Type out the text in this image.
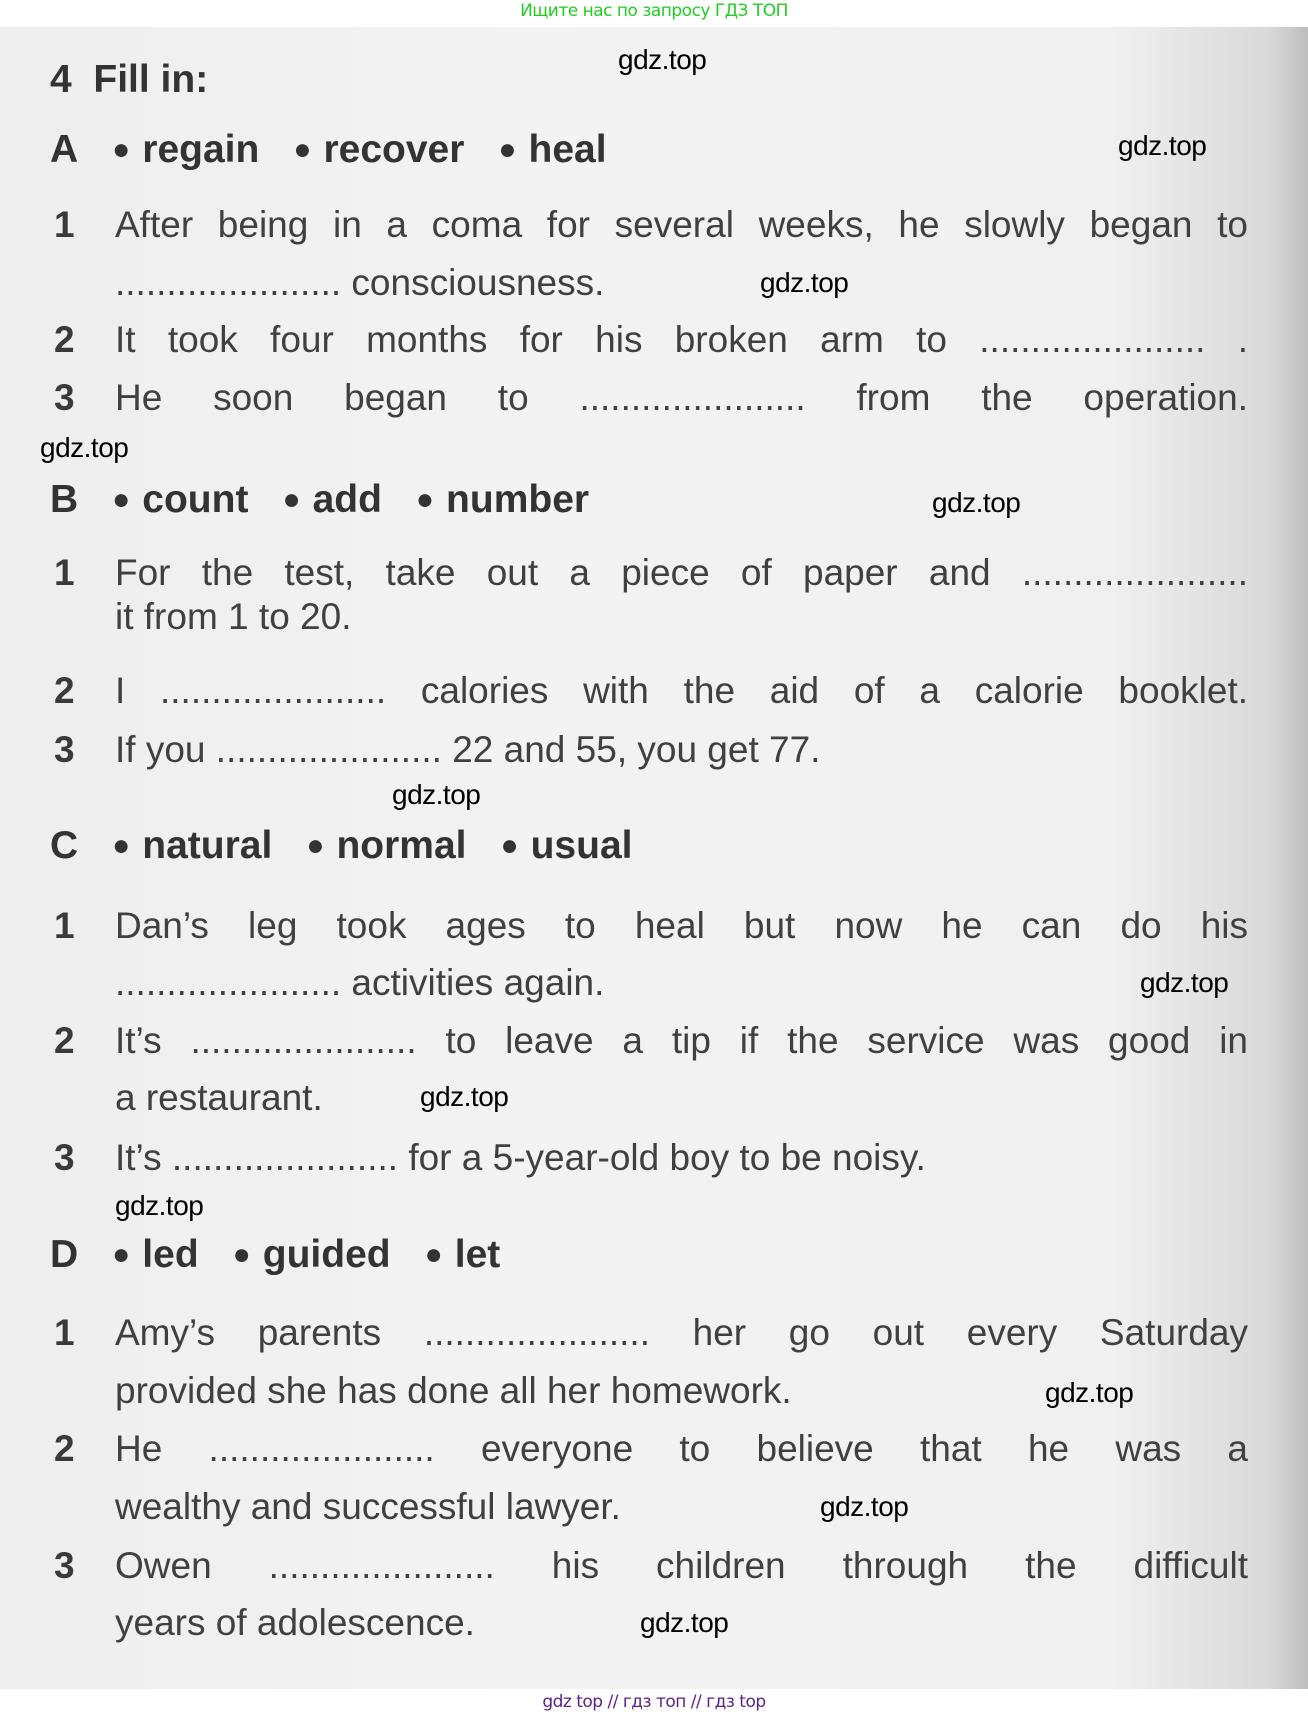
Ищите нас по запросу ГДЗ ТОП
4 Fill in:
A ● regain ● recover ● heal
1 After being in a coma for several weeks, he slowly began to
...................... consciousness.
2 It took four months for his broken arm to ...................... .
3 He soon began to ...................... from the operation.
B ● count ● add ● number
1 For the test, take out a piece of paper and ......................
it from 1 to 20.
2 I ...................... calories with the aid of a calorie booklet.
3 If you ...................... 22 and 55, you get 77.
C ● natural ● normal ● usual
1 Dan’s leg took ages to heal but now he can do his
...................... activities again.
2 It’s ...................... to leave a tip if the service was good in
a restaurant.
3 It’s ...................... for a 5-year-old boy to be noisy.
D ● led ● guided ● let
1 Amy’s parents ...................... her go out every Saturday
provided she has done all her homework.
2 He ...................... everyone to believe that he was a
wealthy and successful lawyer.
3 Owen ...................... his children through the difficult
years of adolescence.
gdz.top
gdz.top
gdz.top
gdz.top
gdz.top
gdz.top
gdz.top
gdz.top
gdz.top
gdz.top
gdz.top
gdz.top
gdz top // гдз топ // гдз top
